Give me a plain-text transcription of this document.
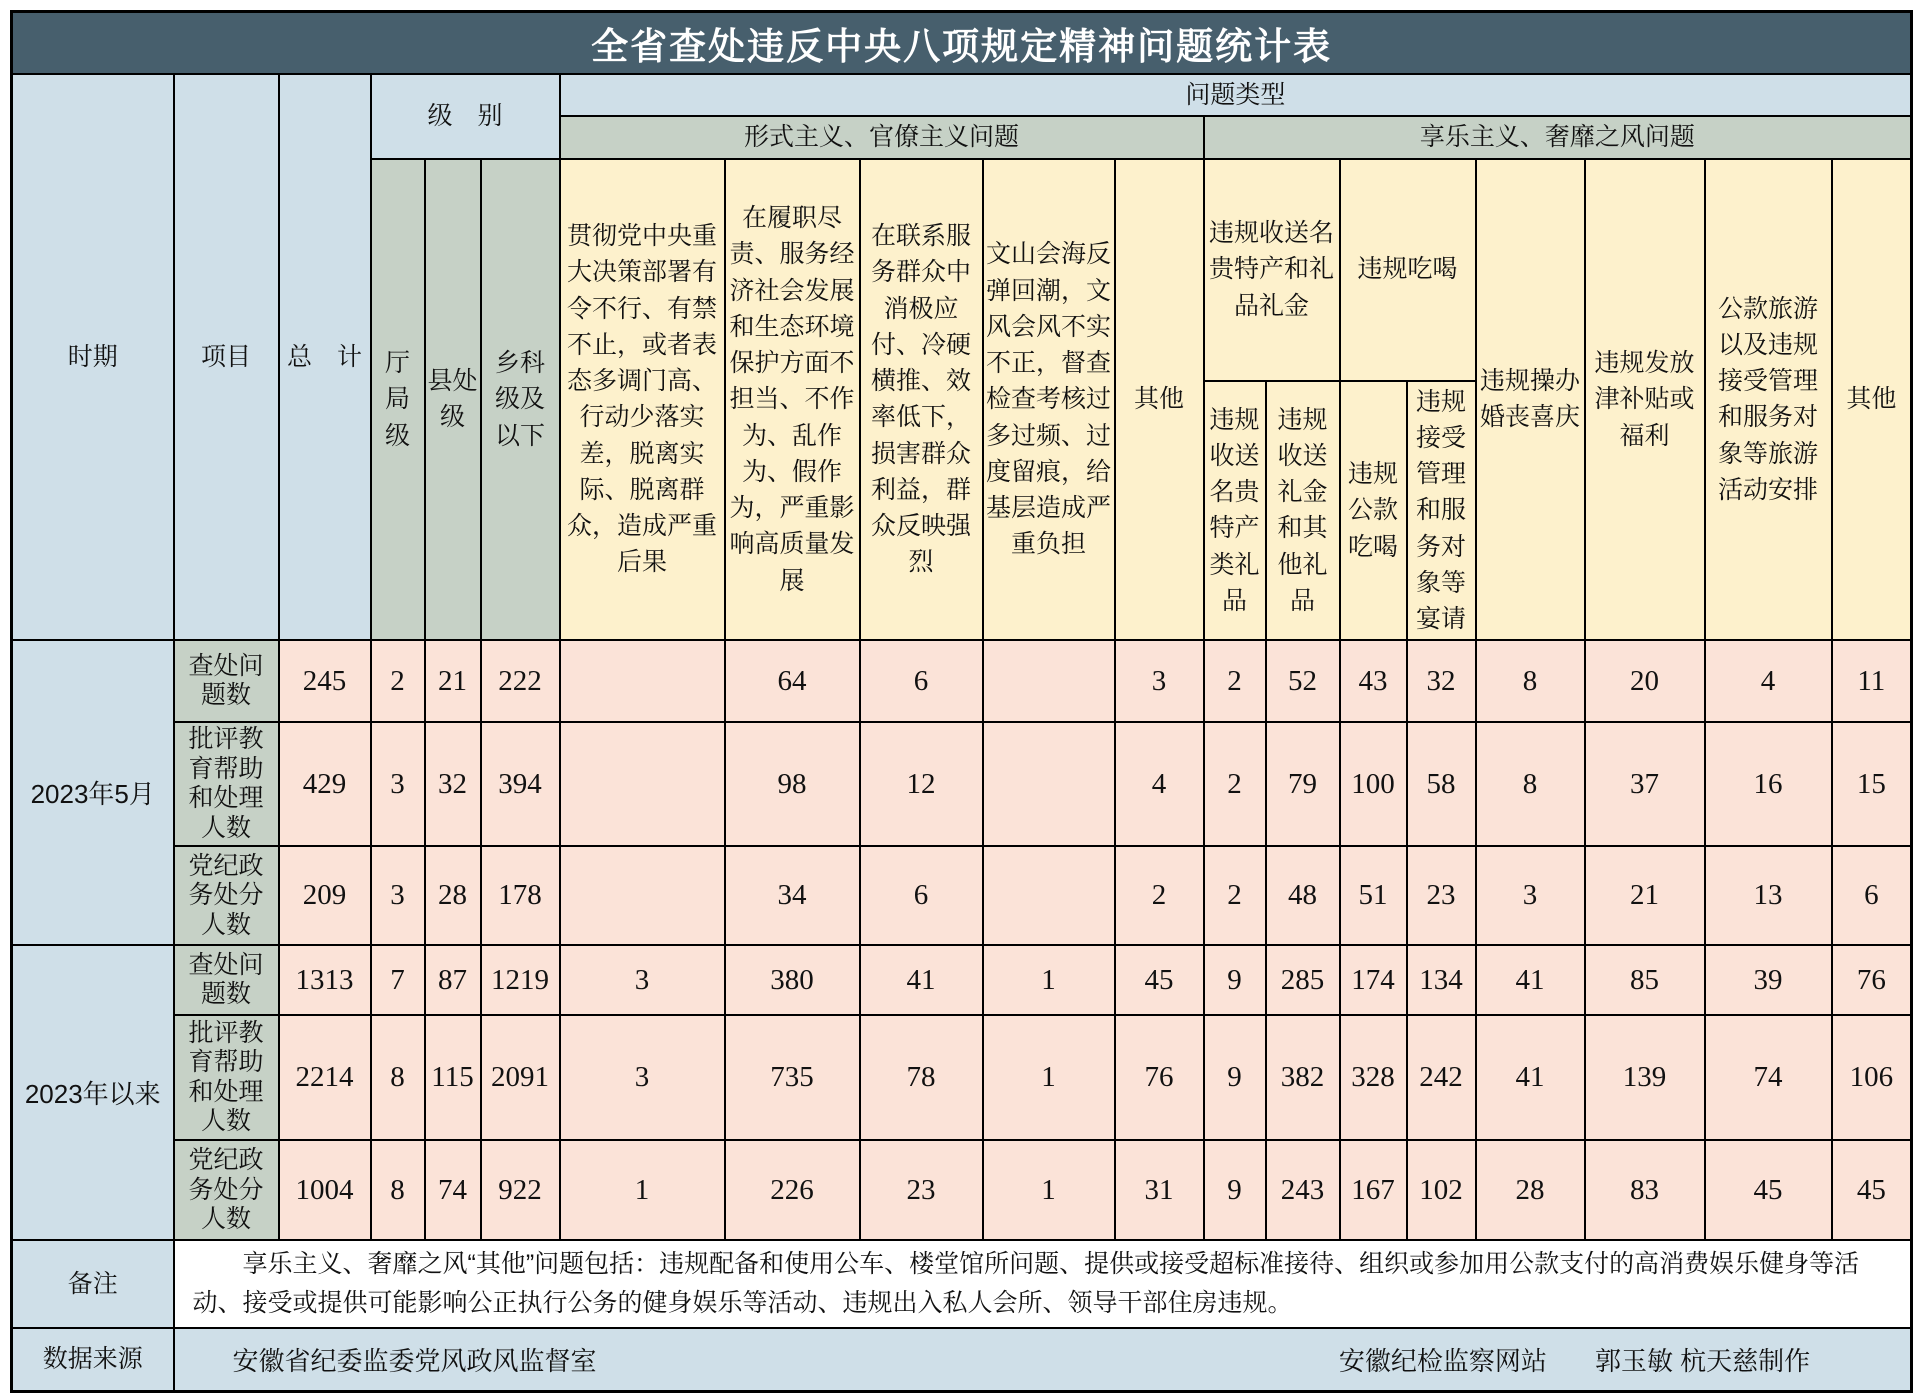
全省查处违反中央八项规定精神问题统计表																		
时期	项目	总　计	级　别			问题类型												
						形式主义、官僚主义问题					享乐主义、奢靡之风问题							
			厅局级	县处级	乡科级及以下	贯彻党中央重大决策部署有令不行、有禁不止，或者表态多调门高、行动少落实差，脱离实际、脱离群众，造成严重后果	在履职尽责、服务经济社会发展和生态环境保护方面不担当、不作为、乱作为、假作为，严重影响高质量发展	在联系服务群众中消极应付、冷硬横推、效率低下，损害群众利益，群众反映强烈	文山会海反弹回潮，文风会风不实不正，督查检查考核过多过频、过度留痕，给基层造成严重负担	其他	违规收送名贵特产和礼品礼金		违规吃喝		违规操办婚丧喜庆	违规发放津补贴或福利	公款旅游以及违规接受管理和服务对象等旅游活动安排	其他
											违规收送名贵特产类礼品	违规收送礼金和其他礼品	违规公款吃喝	违规接受管理和服务对象等宴请				
2023年5月	查处问题数	245	2	21	222		64	6		3	2	52	43	32	8	20	4	11
	批评教育帮助和处理人数	429	3	32	394		98	12		4	2	79	100	58	8	37	16	15
	党纪政务处分人数	209	3	28	178		34	6		2	2	48	51	23	3	21	13	6
2023年以来	查处问题数	1313	7	87	1219	3	380	41	1	45	9	285	174	134	41	85	39	76
	批评教育帮助和处理人数	2214	8	115	2091	3	735	78	1	76	9	382	328	242	41	139	74	106
	党纪政务处分人数	1004	8	74	922	1	226	23	1	31	9	243	167	102	28	83	45	45
备注	享乐主义、奢靡之风“其他”问题包括：违规配备和使用公车、楼堂馆所问题、提供或接受超标准接待、组织或参加用公款支付的高消费娱乐健身等活动、接受或提供可能影响公正执行公务的健身娱乐等活动、违规出入私人会所、领导干部住房违规。																	
数据来源	安徽省纪委监委党风政风监督室 安徽纪检监察网站 郭玉敏 杭天慈制作																	
